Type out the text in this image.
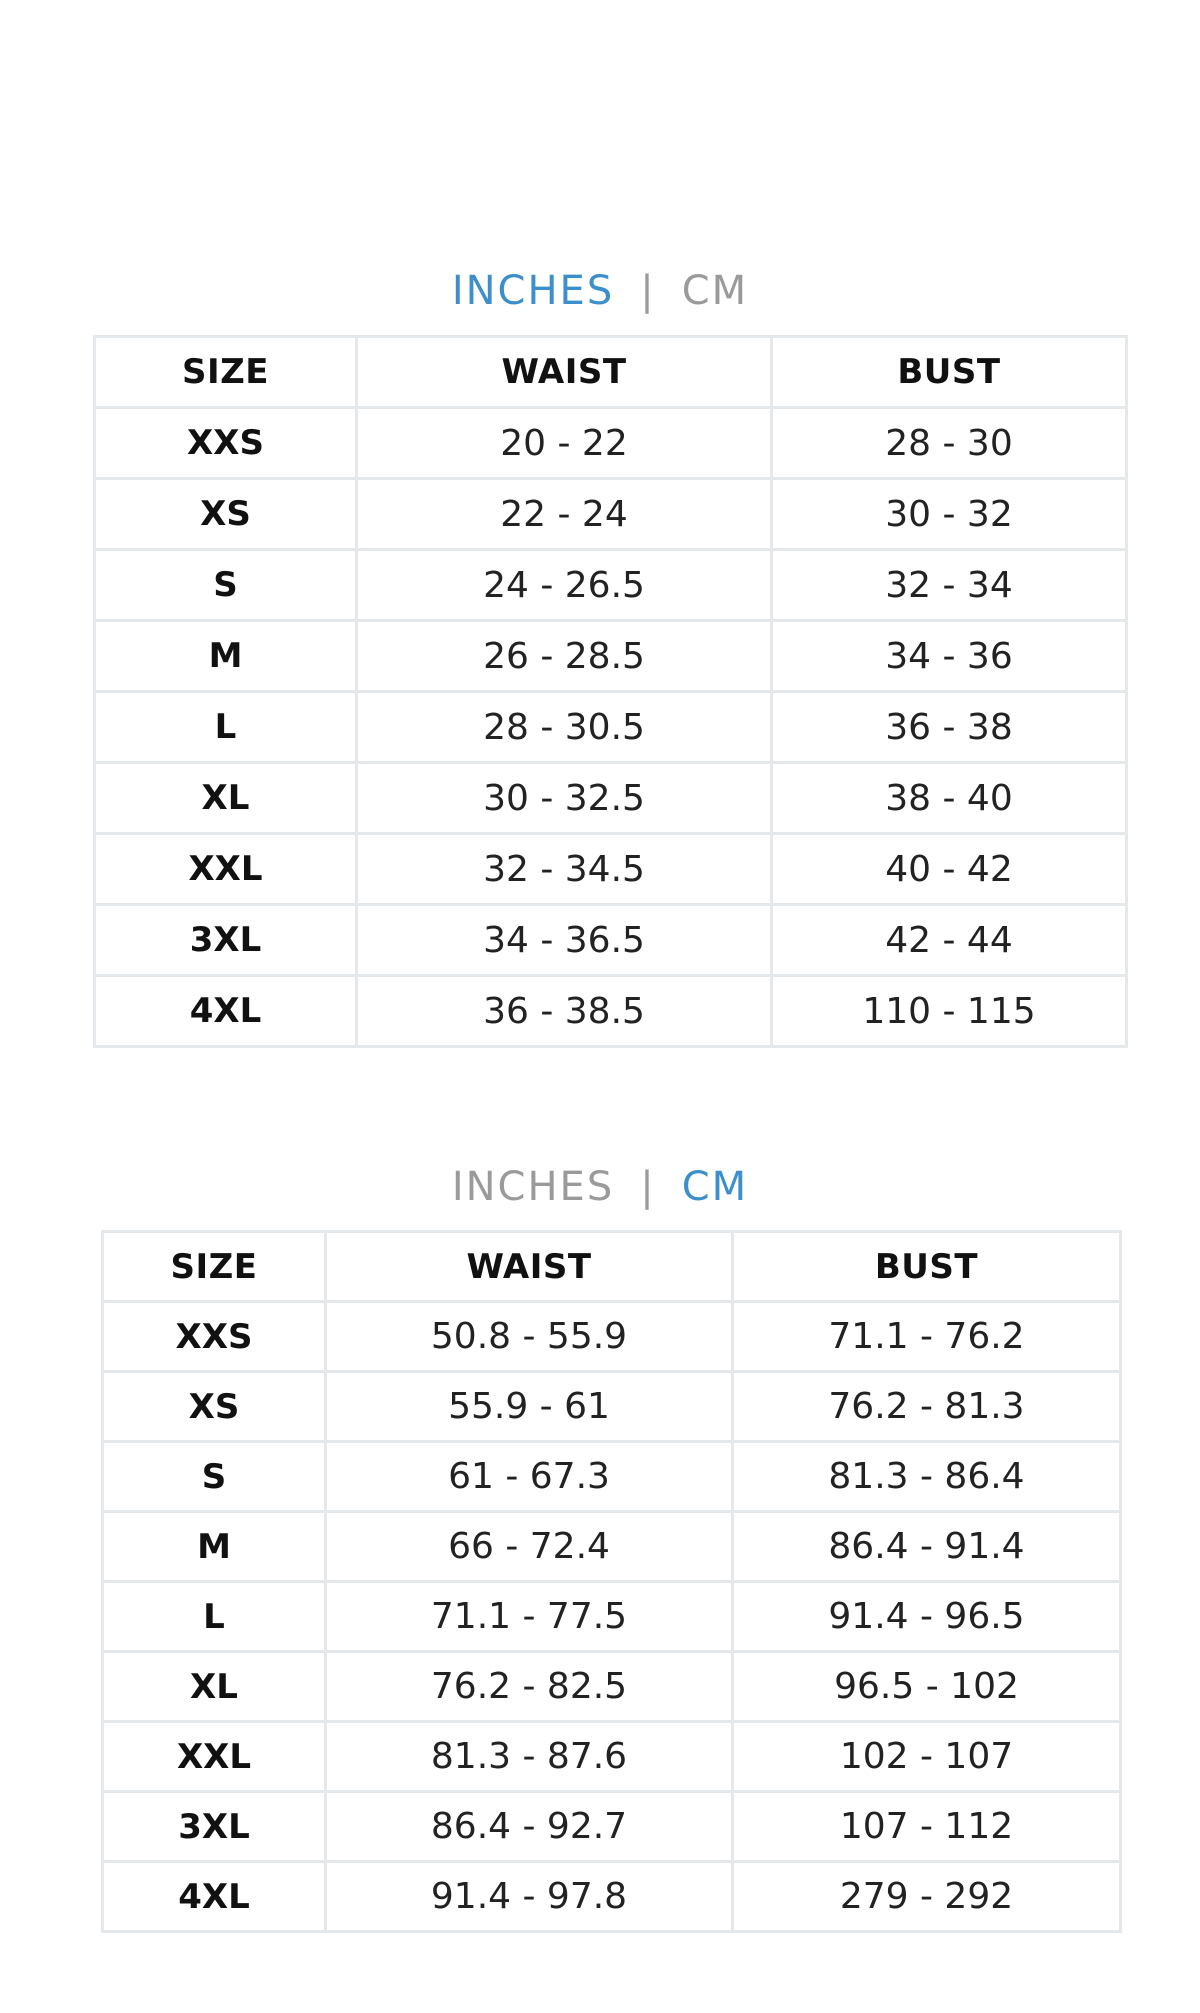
INCHES | CM
SIZE	WAIST	BUST
XXS	20 - 22	28 - 30
XS	22 - 24	30 - 32
S	24 - 26.5	32 - 34
M	26 - 28.5	34 - 36
L	28 - 30.5	36 - 38
XL	30 - 32.5	38 - 40
XXL	32 - 34.5	40 - 42
3XL	34 - 36.5	42 - 44
4XL	36 - 38.5	110 - 115
INCHES | CM
SIZE	WAIST	BUST
XXS	50.8 - 55.9	71.1 - 76.2
XS	55.9 - 61	76.2 - 81.3
S	61 - 67.3	81.3 - 86.4
M	66 - 72.4	86.4 - 91.4
L	71.1 - 77.5	91.4 - 96.5
XL	76.2 - 82.5	96.5 - 102
XXL	81.3 - 87.6	102 - 107
3XL	86.4 - 92.7	107 - 112
4XL	91.4 - 97.8	279 - 292
